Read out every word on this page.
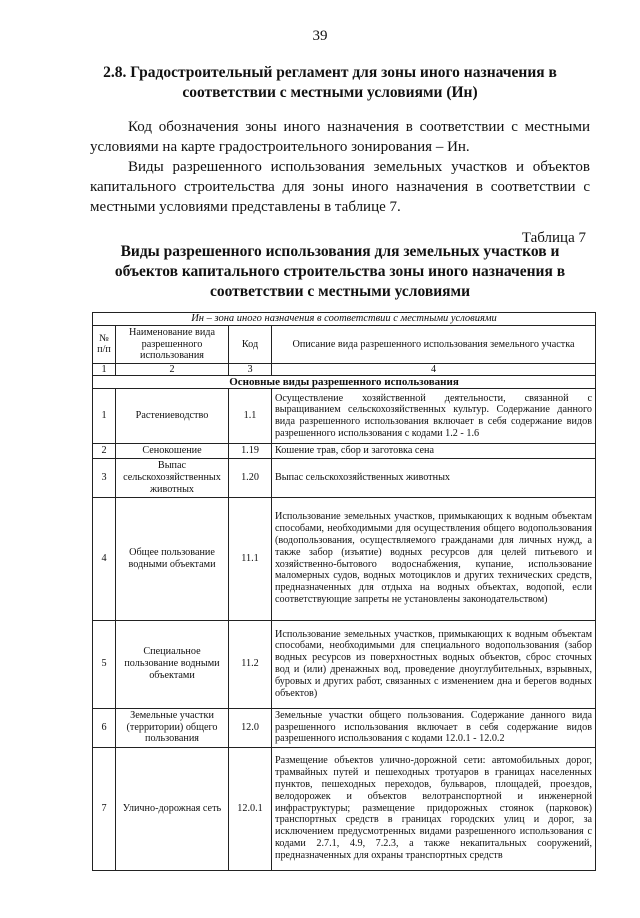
39
2.8. Градостроительный регламент для зоны иного назначения в соответствии с местными условиями (Ин)
Код обозначения зоны иного назначения в соответствии с местными условиями на карте градостроительного зонирования – Ин.
Виды разрешенного использования земельных участков и объектов капитального строительства для зоны иного назначения в соответствии с местными условиями представлены в таблице 7.
Таблица 7
Виды разрешенного использования для земельных участков и объектов капитального строительства зоны иного назначения в соответствии с местными условиями
Ин – зона иного назначения в соответствии с местными условиями			
№ п/п	Наименование вида разрешенного использования	Код	Описание вида разрешенного использования земельного участка
1	2	3	4
Основные виды разрешенного использования			
1	Растениеводство	1.1	Осуществление хозяйственной деятельности, связанной с выращиванием сельскохозяйственных культур. Содержание данного вида разрешенного использования включает в себя содержание видов разрешенного использования с кодами 1.2 - 1.6
2	Сенокошение	1.19	Кошение трав, сбор и заготовка сена
3	Выпас сельскохозяйственных животных	1.20	Выпас сельскохозяйственных животных
4	Общее пользование водными объектами	11.1	Использование земельных участков, примыкающих к водным объектам способами, необходимыми для осуществления общего водопользования (водопользования, осуществляемого гражданами для личных нужд, а также забор (изъятие) водных ресурсов для целей питьевого и хозяйственно-бытового водоснабжения, купание, использование маломерных судов, водных мотоциклов и других технических средств, предназначенных для отдыха на водных объектах, водопой, если соответствующие запреты не установлены законодательством)
5	Специальное пользование водными объектами	11.2	Использование земельных участков, примыкающих к водным объектам способами, необходимыми для специального водопользования (забор водных ресурсов из поверхностных водных объектов, сброс сточных вод и (или) дренажных вод, проведение дноуглубительных, взрывных, буровых и других работ, связанных с изменением дна и берегов водных объектов)
6	Земельные участки (территории) общего пользования	12.0	Земельные участки общего пользования. Содержание данного вида разрешенного использования включает в себя содержание видов разрешенного использования с кодами 12.0.1 - 12.0.2
7	Улично-дорожная сеть	12.0.1	Размещение объектов улично-дорожной сети: автомобильных дорог, трамвайных путей и пешеходных тротуаров в границах населенных пунктов, пешеходных переходов, бульваров, площадей, проездов, велодорожек и объектов велотранспортной и инженерной инфраструктуры; размещение придорожных стоянок (парковок) транспортных средств в границах городских улиц и дорог, за исключением предусмотренных видами разрешенного использования с кодами 2.7.1, 4.9, 7.2.3, а также некапитальных сооружений, предназначенных для охраны транспортных средств
